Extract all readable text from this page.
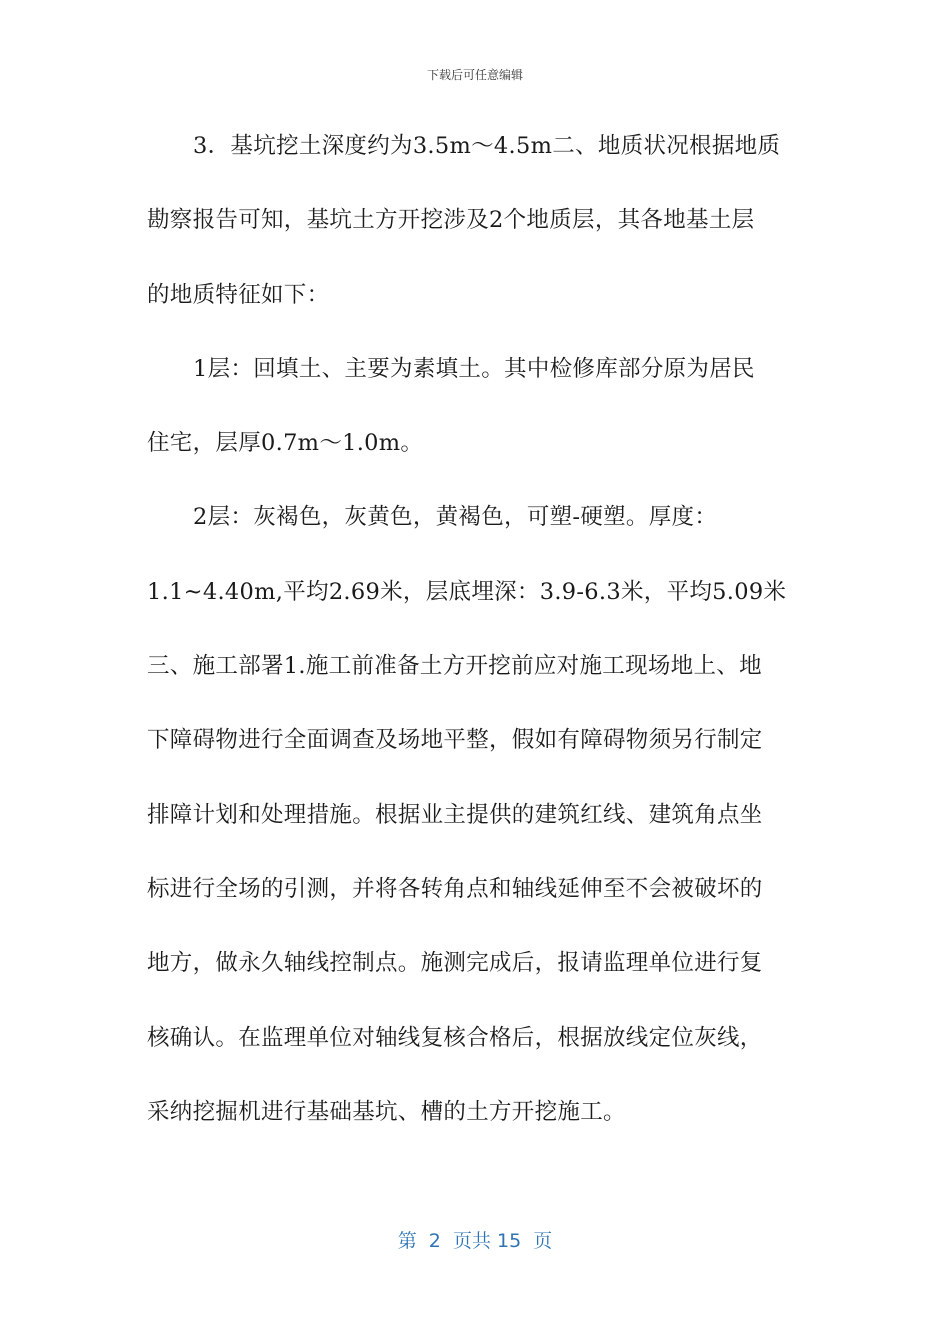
下载后可任意编辑
3．基坑挖土深度约为3.5m～4.5m二、地质状况根据地质
勘察报告可知，基坑土方开挖涉及2个地质层，其各地基土层
的地质特征如下：
1层：回填土、主要为素填土。其中检修库部分原为居民
住宅，层厚0.7m～1.0m。
2层：灰褐色，灰黄色，黄褐色，可塑-硬塑。厚度：
1.1~4.40m,平均2.69米，层底埋深：3.9-6.3米，平均5.09米
三、施工部署1.施工前准备土方开挖前应对施工现场地上、地
下障碍物进行全面调查及场地平整，假如有障碍物须另行制定
排障计划和处理措施。根据业主提供的建筑红线、建筑角点坐
标进行全场的引测，并将各转角点和轴线延伸至不会被破坏的
地方，做永久轴线控制点。施测完成后，报请监理单位进行复
核确认。在监理单位对轴线复核合格后，根据放线定位灰线，
采纳挖掘机进行基础基坑、槽的土方开挖施工。
第  2  页共 15  页
